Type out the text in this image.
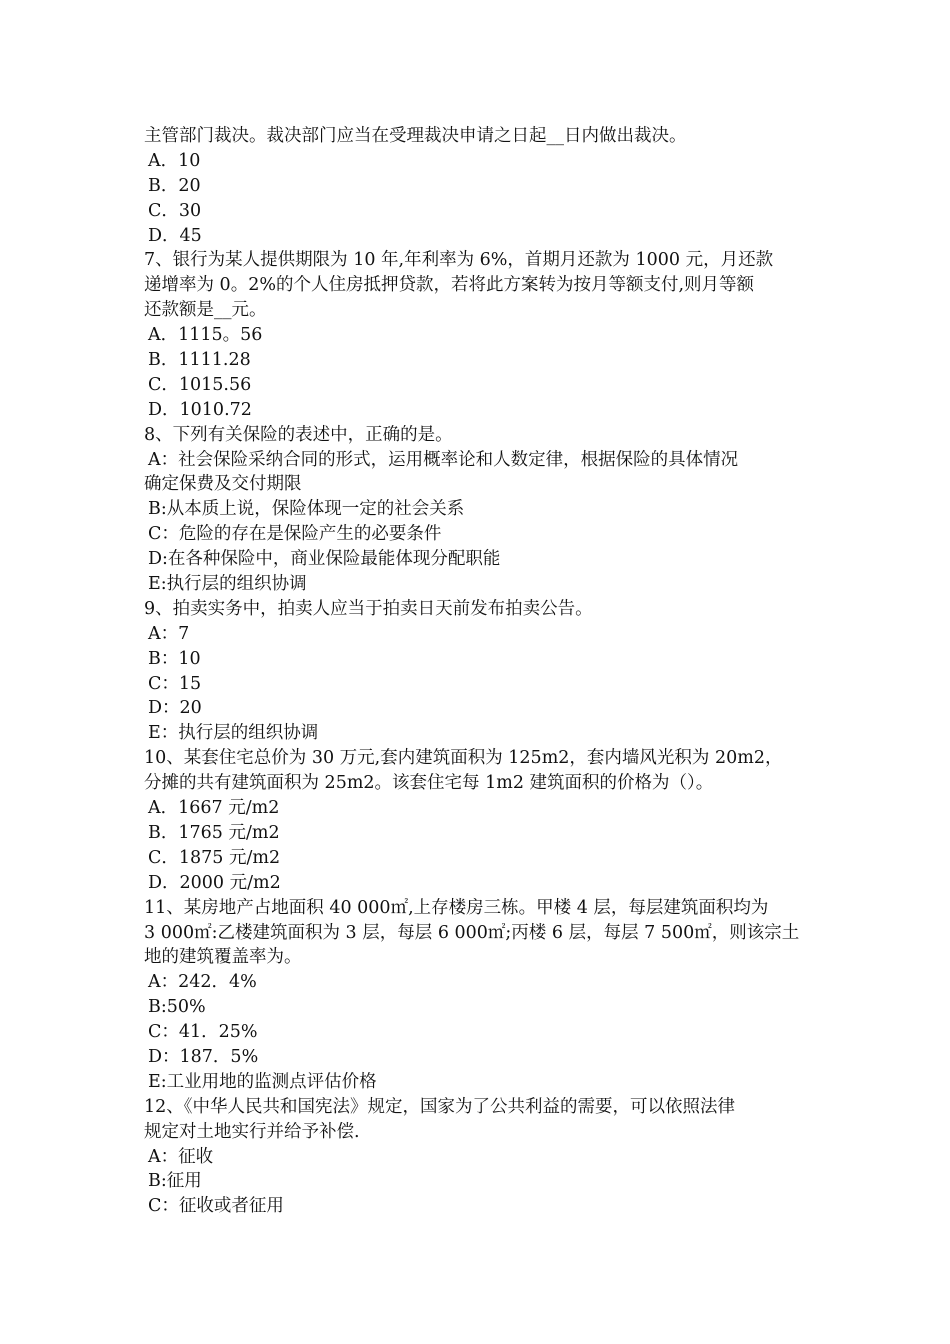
主管部门裁决。裁决部门应当在受理裁决申请之日起__日内做出裁决。
A．10
B．20
C．30
D．45
7、银行为某人提供期限为 10 年,年利率为 6%，首期月还款为 1000 元，月还款
递增率为 0。2%的个人住房抵押贷款，若将此方案转为按月等额支付,则月等额
还款额是__元。
A．1115。56
B．1111.28
C．1015.56
D．1010.72
8、下列有关保险的表述中，正确的是。
A：社会保险采纳合同的形式，运用概率论和人数定律，根据保险的具体情况
确定保费及交付期限
B:从本质上说，保险体现一定的社会关系
C：危险的存在是保险产生的必要条件
D:在各种保险中，商业保险最能体现分配职能
E:执行层的组织协调
9、拍卖实务中，拍卖人应当于拍卖日天前发布拍卖公告。
A：7
B：10
C：15
D：20
E：执行层的组织协调
10、某套住宅总价为 30 万元,套内建筑面积为 125m2，套内墙风光积为 20m2，
分摊的共有建筑面积为 25m2。该套住宅每 1m2 建筑面积的价格为（）。
A．1667 元/m2
B．1765 元/m2
C．1875 元/m2
D．2000 元/m2
11、某房地产占地面积 40 000㎡,上存楼房三栋。甲楼 4 层，每层建筑面积均为
3 000㎡:乙楼建筑面积为 3 层，每层 6 000㎡;丙楼 6 层，每层 7 500㎡，则该宗土
地的建筑覆盖率为。
A：242．4%
B:50%
C：41．25%
D：187．5%
E:工业用地的监测点评估价格
12、《中华人民共和国宪法》规定，国家为了公共利益的需要，可以依照法律
规定对土地实行并给予补偿.
A：征收
B:征用
C：征收或者征用
